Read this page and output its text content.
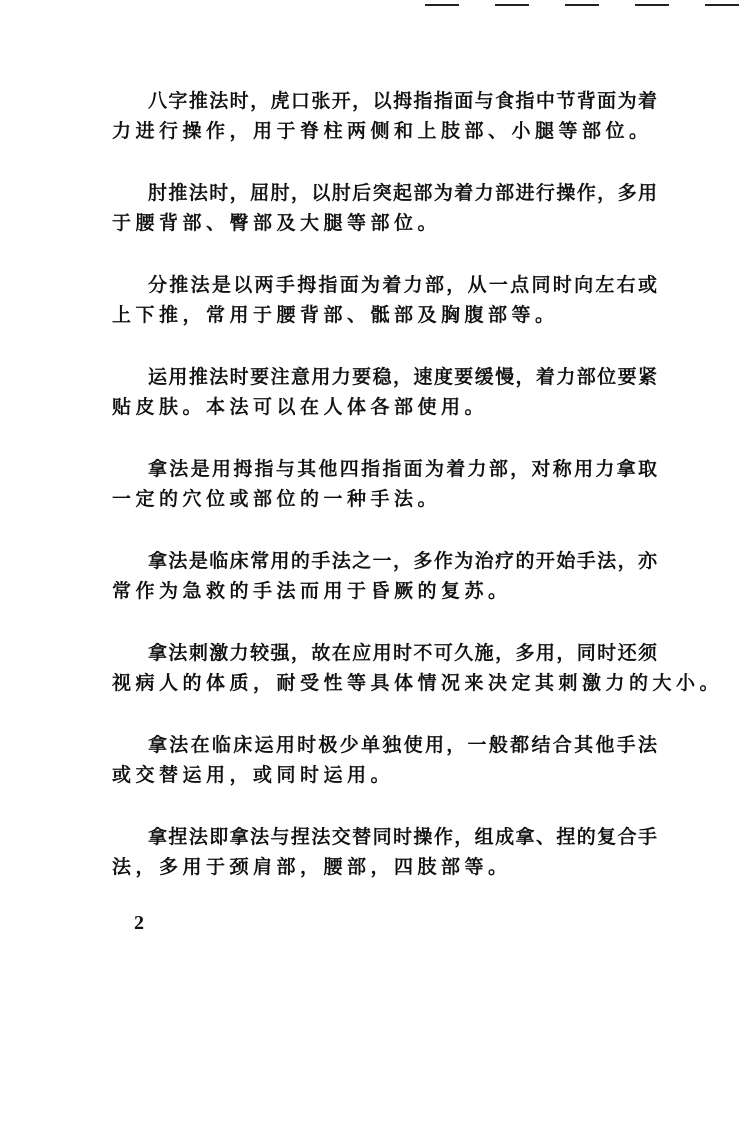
八字推法时，虎口张开，以拇指指面与食指中节背面为着
力进行操作，用于脊柱两侧和上肢部、小腿等部位。
肘推法时，屈肘，以肘后突起部为着力部进行操作，多用
于腰背部、臀部及大腿等部位。
分推法是以两手拇指面为着力部，从一点同时向左右或
上下推，常用于腰背部、骶部及胸腹部等。
运用推法时要注意用力要稳，速度要缓慢，着力部位要紧
贴皮肤。本法可以在人体各部使用。
拿法是用拇指与其他四指指面为着力部，对称用力拿取
一定的穴位或部位的一种手法。
拿法是临床常用的手法之一，多作为治疗的开始手法，亦
常作为急救的手法而用于昏厥的复苏。
拿法刺激力较强，故在应用时不可久施，多用，同时还须
视病人的体质，耐受性等具体情况来决定其刺激力的大小。
拿法在临床运用时极少单独使用，一般都结合其他手法
或交替运用，或同时运用。
拿捏法即拿法与捏法交替同时操作，组成拿、捏的复合手
法，多用于颈肩部，腰部，四肢部等。
2
